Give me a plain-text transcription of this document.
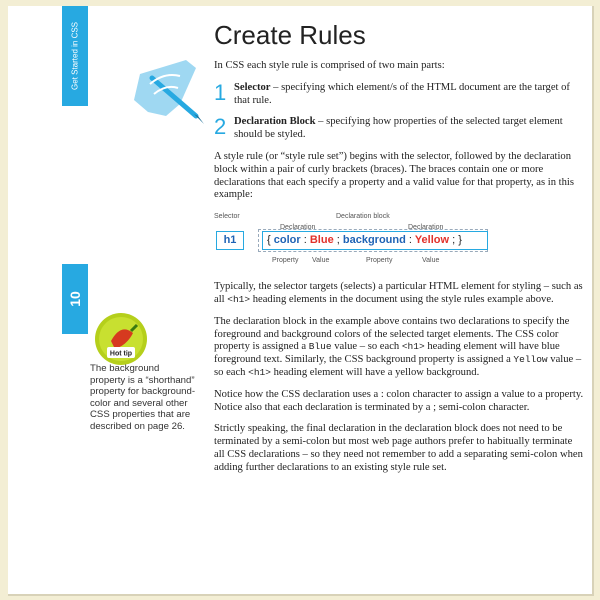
Get Started in CSS
10
Hot tip
The background property is a “shorthand” property for background-color and several other CSS properties that are described on page 26.
Create Rules

In CSS each style rule is comprised of two main parts:

1 Selector – specifying which element/s of the HTML document are the target of that rule.
2 Declaration Block – specifying how properties of the selected target element should be styled.

A style rule (or “style rule set”) begins with the selector, followed by the declaration block within a pair of curly brackets (braces). The braces contain one or more declarations that each specify a property and a valid value for that property, as in this example:

Selector	Declaration block
Declaration	Declaration
h1	{ color : Blue ; background : Yellow ; }
Property Value	Property	Value

Typically, the selector targets (selects) a particular HTML element for styling – such as all <h1> heading elements in the document using the style rules example above.

The declaration block in the example above contains two declarations to specify the foreground and background colors of the selected target elements. The CSS color property is assigned a Blue value – so each <h1> heading element will have blue foreground text. Similarly, the CSS background property is assigned a Yellow value – so each <h1> heading element will have a yellow background.

Notice how the CSS declaration uses a : colon character to assign a value to a property. Notice also that each declaration is terminated by a ; semi-colon character.

Strictly speaking, the final declaration in the declaration block does not need to be terminated by a semi-colon but most web page authors prefer to habitually terminate all CSS declarations – so they need not remember to add a separating semi-colon when adding further declarations to an existing style rule set.
